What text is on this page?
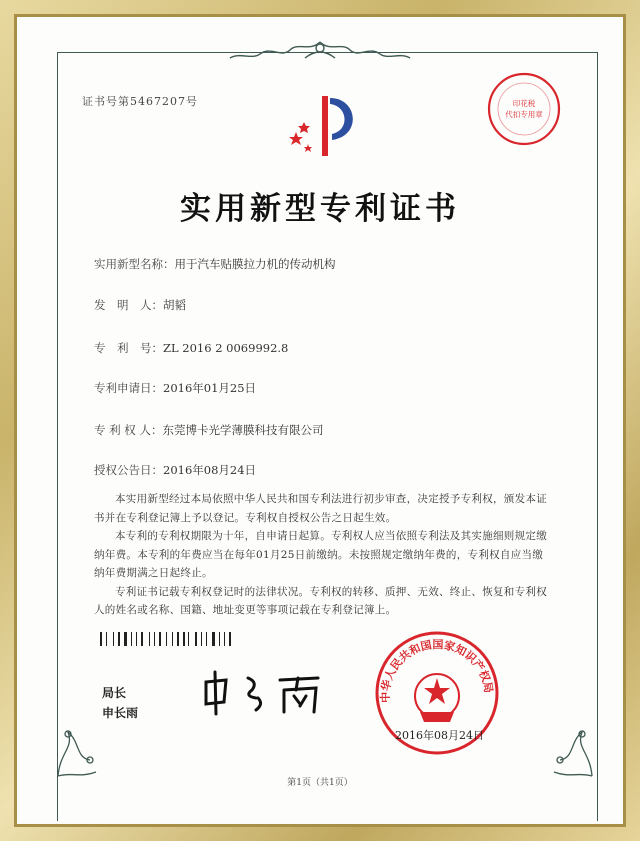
证书号第5467207号	印花税
代扣专用章
实用新型专利证书
实用新型名称：用于汽车贴膜拉力机的传动机构
发　明　人：胡韬
专　利　号：ZL 2016 2 0069992.8
专利申请日：2016年01月25日
专 利 权 人：东莞博卡光学薄膜科技有限公司
授权公告日：2016年08月24日

本实用新型经过本局依照中华人民共和国专利法进行初步审查，决定授予专利权，颁发本证书并在专利登记簿上予以登记。专利权自授权公告之日起生效。

本专利的专利权期限为十年，自申请日起算。专利权人应当依照专利法及其实施细则规定缴纳年费。本专利的年费应当在每年01月25日前缴纳。未按照规定缴纳年费的，专利权自应当缴纳年费期满之日起终止。

专利证书记载专利权登记时的法律状况。专利权的转移、质押、无效、终止、恢复和专利权人的姓名或名称、国籍、地址变更等事项记载在专利登记簿上。

局长
申长雨
中华人民共和国国家知识产权局
2016年08月24日
第1页（共1页）
